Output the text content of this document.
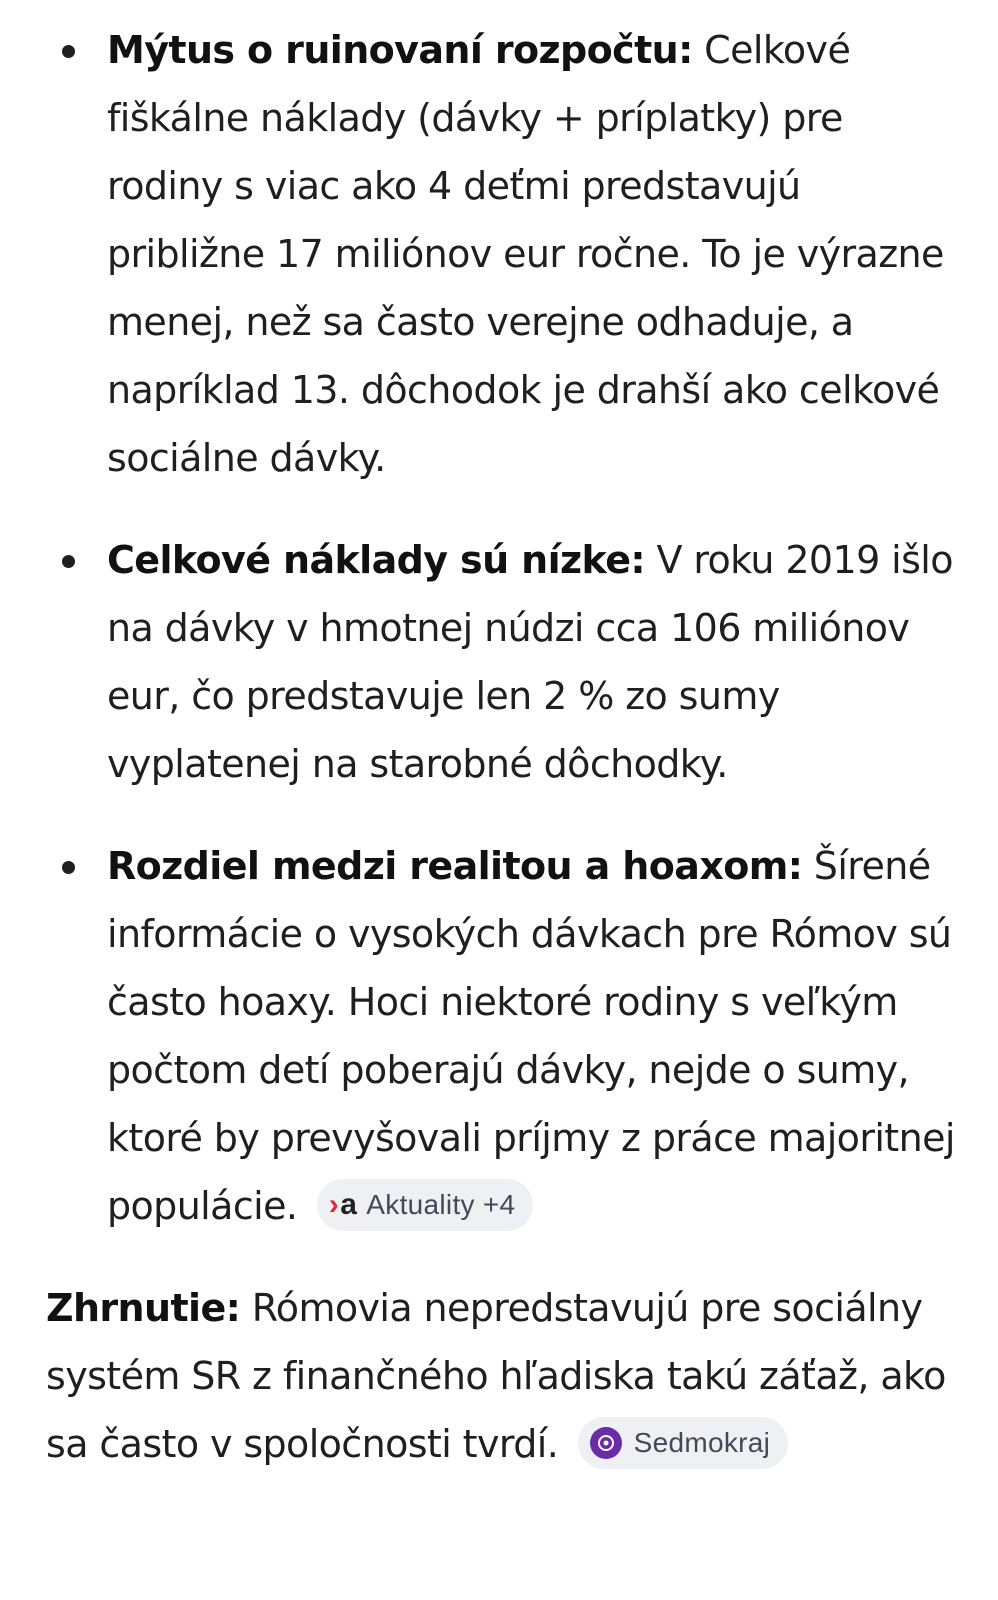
Mýtus o ruinovaní rozpočtu: Celkové fiškálne náklady (dávky + príplatky) pre rodiny s viac ako 4 deťmi predstavujú približne 17 miliónov eur ročne. To je výrazne menej, než sa často verejne odhaduje, a napríklad 13. dôchodok je drahší ako celkové sociálne dávky.
Celkové náklady sú nízke: V roku 2019 išlo na dávky v hmotnej núdzi cca 106 miliónov eur, čo predstavuje len 2 % zo sumy vyplatenej na starobné dôchodky.
Rozdiel medzi realitou a hoaxom: Šírené informácie o vysokých dávkach pre Rómov sú často hoaxy. Hoci niektoré rodiny s veľkým počtom detí poberajú dávky, nejde o sumy, ktoré by prevyšovali príjmy z práce majoritnej populácie. ›a Aktuality +4
Zhrnutie: Rómovia nepredstavujú pre sociálny systém SR z finančného hľadiska takú záťaž, ako sa často v spoločnosti tvrdí.	Sedmokraj
